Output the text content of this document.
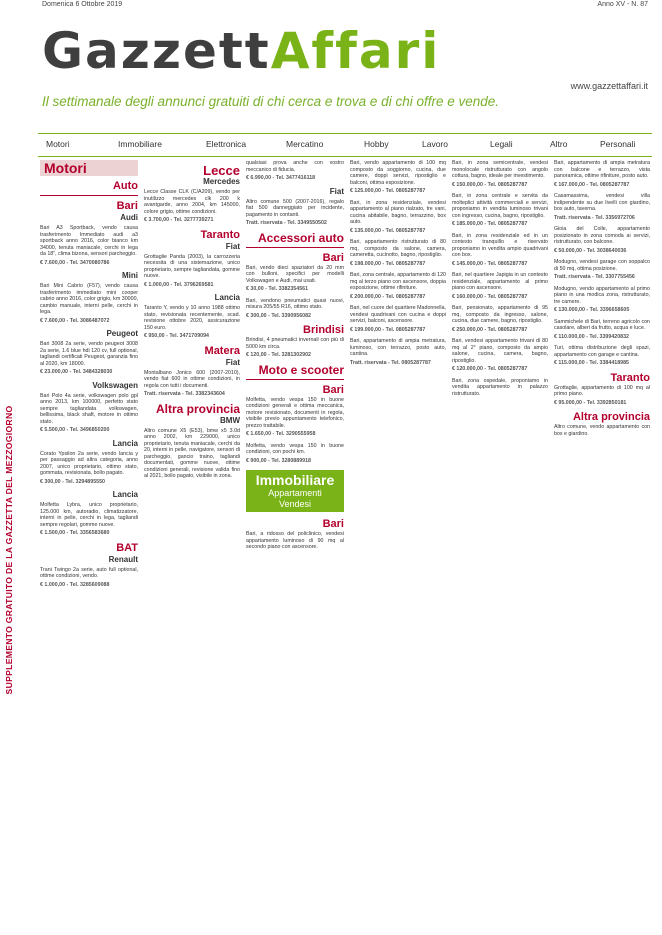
Domenica 6 Ottobre 2019	Anno XV - N. 87
GazzettAffari
www.gazzettaffari.it
Il settimanale degli annunci gratuiti di chi cerca e trova e di chi offre e vende.
Motori	Immobiliare	Elettronica	Mercatino	Hobby	Lavoro	Legali	Altro	Personali
SUPPLEMENTO GRATUITO DE LA GAZZETTA DEL MEZZOGIORNO
Motori
Auto
Bari
Audi

Bari A3 Sportback, vendo causa trasferimento Immediato audi a3 sportback anno 2016, color bianco km 34000, tenuta maniacale, cerchi in lega da 18", clima bizona, sensori parcheggio.

€ 7.600,00 - Tel. 3470080786

Mini

Bari Mini Cabrio (F57), vendo causa trasferimento immediato mini cooper cabrio anno 2016, color grigio, km 30000, cambio manuale, interni pelle, cerchi in lega.

€ 7.600,00 - Tel. 3086487072

Peugeot

Bari 3008 2a serie, vendo peugeot 3008 2a serie, 1.6 blue hdi 120 cv, full optional, tagliandi certificati Peugeot, garanzia fino al 2020, km 18000.

€ 23.000,00 - Tel. 3484328030

Volkswagen

Bari Polo 4a serie, volkswagen polo gpl anno 2013, km 100000, perfetto stato sempre tagliandata volkswagen, bellissima, black shaft, motore in ottimo stato.

€ 5.500,00 - Tel. 3496850200

Lancia

Corato Ypsilon 2a serie, vendo lancia y per passaggio ad altra categoria, anno 2007, unico proprietario, ottimo stato, gommata, revisionata, bollo pagato.

€ 300,00 - Tel. 3294895550

Lancia

Molfetta Lybra, unico proprietario, 125.000 km, autoradio, climatizzatore, interni in pelle, cerchi in lega, tagliandi sempre regolari, gomme nuove.

€ 1.500,00 - Tel. 3356583680

BAT
Renault

Trani Twingo 2a serie, auto full optional, ottime condizioni, vendo.

€ 1.000,00 - Tel. 3285609088

Lecce
Mercedes

Lecce Classe CLK (C/A209), vendo per inutilizzo mercedes clk 200 k avantgarde, anno 2004, km 145000, colore grigio, ottime condizioni.

€ 3.700,00 - Tel. 3277739271

Taranto
Fiat

Grottaglie Panda (2003), la carrozzeria necessita di una sistemazione, unico proprietario, sempre tagliandata, gomme nuove.

€ 1.000,00 - Tel. 3796269581

Lancia

Taranto Y, vendo y 10 anno 1988 ottimo stato, revisionata recentemente, scad. revisione ottobre 2020, assicurazione 150 euro.

€ 950,00 - Tel. 3471709094

Matera
Fiat

Montalbano Jonico 600 (2007-2010), vendo fiat 600 in ottime condizioni, in regola con tutti i documenti.

Tratt. riservata - Tel. 3382343604

Altra provincia
BMW

Altro comune X5 (E53), bmw x5 3.0d anno 2002, km 229000, unico proprietario, tenuta maniacale, cerchi da 20, interni in pelle, navigatore, sensori di parcheggio, gancio traino, tagliandi documentati, gomme nuove, ottime condizioni generali, revisione valida fino al 2021, bollo pagato, visibile in zona.

qualsiasi prova anche con vostro meccanico di fiducia.

€ 6.990,00 - Tel. 3477416118

Fiat

Altro comune 500 (2007-2016), regalo fiat 500 danneggiato per incidente, pagamento in contanti.

Tratt. riservata - Tel. 3349550502

Accessori auto
Bari

Bari, vendo dieci spaziatori da 20 mm con bulloni, specifici per modelli Volkswagen e Audi, mai usati.

€ 30,00 - Tel. 3382354561

Bari, vendono pneumatici quasi nuovi, misura 205/55 R16, ottimo stato.

€ 300,00 - Tel. 3390956082

Brindisi

Brindisi, 4 pneumatici invernali con più di 5000 km circa.

€ 120,00 - Tel. 3281302902

Moto e scooter
Bari

Molfetta, vendo vespa 150 in buone condizioni generali e ottima meccanica, motore revisionato, documenti in regola, visibile previo appuntamento telefonico, prezzo trattabile.

€ 1.650,00 - Tel. 3290555958

Molfetta, vendo vespa 150 in buone condizioni, con pochi km.

€ 900,00 - Tel. 3280889918

Immobiliare
Appartamenti
Vendesi
Bari

Bari, a ridosso del policlinico, vendesi appartamento luminoso di 90 mq al secondo piano con ascensore.

Bari, vendo appartamento di 100 mq composto da soggiorno, cucina, due camere, doppi servizi, ripostiglio e balconi, ottima esposizione.

€ 125.000,00 - Tel. 0805287787

Bari, in zona residenziale, vendesi appartamento al piano rialzato, tre vani, cucina abitabile, bagno, terrazzino, box auto.

€ 135.000,00 - Tel. 0805287787

Bari, appartamento ristrutturato di 80 mq, composto da salone, camera, cameretta, cucinotto, bagno, ripostiglio.

€ 198.000,00 - Tel. 0805287787

Bari, zona centrale, appartamento di 120 mq al terzo piano con ascensore, doppia esposizione, ottime rifiniture.

€ 200.000,00 - Tel. 0805287787

Bari, nel cuore del quartiere Madonnella, vendesi quadrivani con cucina e doppi servizi, balconi, ascensore.

€ 199.000,00 - Tel. 0805287787

Bari, appartamento di ampia metratura, luminoso, con terrazzo, posto auto, cantina.

Tratt. riservata - Tel. 0805287787

Bari, in zona semicentrale, vendesi monolocale ristrutturato con angolo cottura, bagno, ideale per investimento.

€ 150.000,00 - Tel. 0805287787

Bari, in zona centrale e servita da molteplici attività commerciali e servizi, proponiamo in vendita luminoso trivani con ingresso, cucina, bagno, ripostiglio.

€ 185.000,00 - Tel. 0805287787

Bari, in zona residenziale ed in un contesto tranquillo e riservato proponiamo in vendita ampio quadrivani con box.

€ 145.000,00 - Tel. 0805287787

Bari, nel quartiere Japigia in un contesto residenziale, appartamento al primo piano con ascensore.

€ 160.000,00 - Tel. 0805287787

Bari, pensionato, appartamento di 95 mq, composto da ingresso, salone, cucina, due camere, bagno, ripostiglio.

€ 250.000,00 - Tel. 0805287787

Bari, vendesi appartamento trivani di 80 mq al 2° piano, composto da ampio salone, cucina, camera, bagno, ripostiglio.

€ 120.000,00 - Tel. 0805287787

Bari, zona ospedale, proponiamo in vendita appartamento in palazzo ristrutturato.

Bari, appartamento di ampia metratura con balcone e terrazzo, vista panoramica, ottime rifiniture, posto auto.

€ 167.000,00 - Tel. 0805287787

Casamassima, vendesi villa indipendente su due livelli con giardino, box auto, taverna.

Tratt. riservata - Tel. 3356972706

Gioia del Colle, appartamento posizionato in zona comoda ai servizi, ristrutturato, con balcone.

€ 50.000,00 - Tel. 3038640036

Modugno, vendesi garage con soppalco di 50 mq, ottima posizione.

Tratt. riservata - Tel. 3307755456

Modugno, vendo appartamento al primo piano in una modica zona, ristrutturato, tre camere.

€ 130.000,00 - Tel. 3396658605

Sammichele di Bari, terreno agricolo con casolare, alberi da frutto, acqua e luce.

€ 110.000,00 - Tel. 3399420832

Turi, ottima distribuzione degli spazi, appartamento con garage e cantina.

€ 115.000,00 - Tel. 3384418985

Taranto

Grottaglie, appartamento di 100 mq al primo piano.

€ 95.000,00 - Tel. 3392850181

Altra provincia

Altro comune, vendo appartamento con box e giardino.
